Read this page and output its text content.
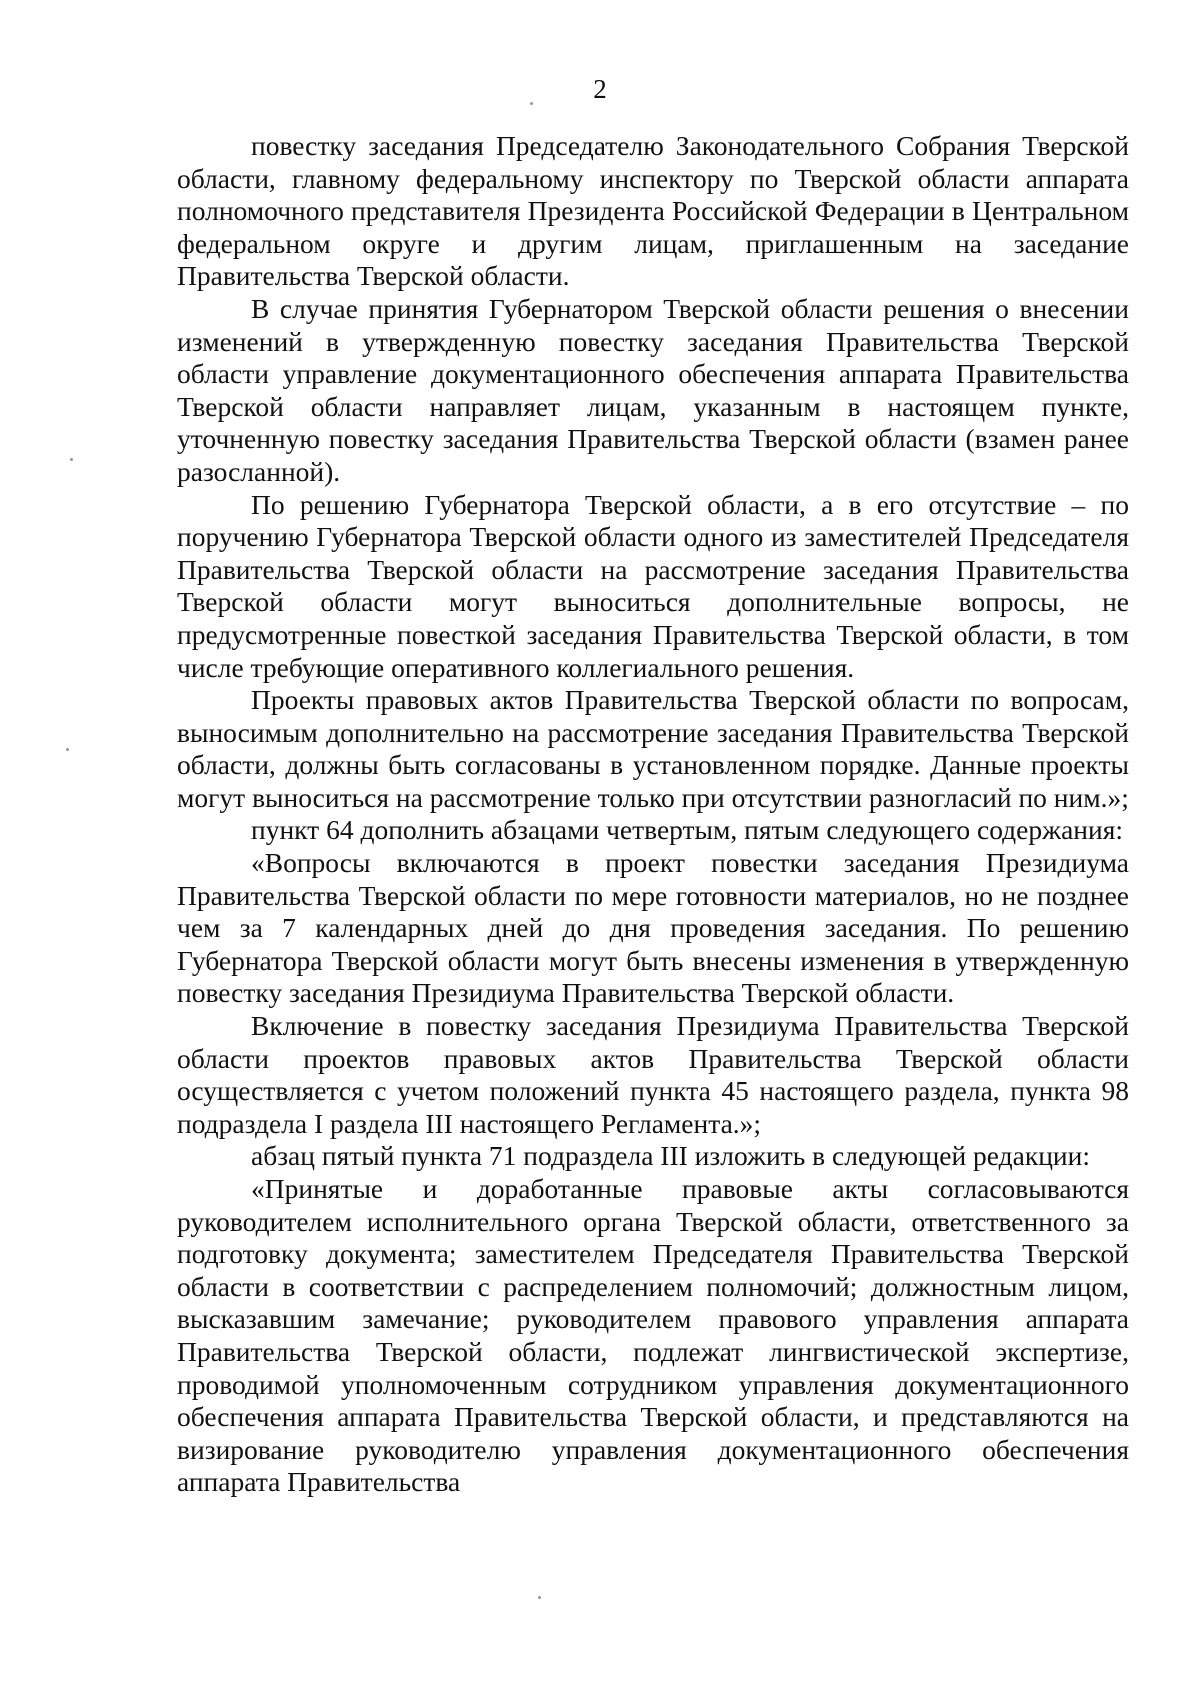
2

повестку заседания Председателю Законодательного Собрания Тверской области, главному федеральному инспектору по Тверской области аппарата полномочного представителя Президента Российской Федерации в Центральном федеральном округе и другим лицам, приглашенным на заседание Правительства Тверской области.

В случае принятия Губернатором Тверской области решения о внесении изменений в утвержденную повестку заседания Правительства Тверской области управление документационного обеспечения аппарата Правительства Тверской области направляет лицам, указанным в настоящем пункте, уточненную повестку заседания Правительства Тверской области (взамен ранее разосланной).

По решению Губернатора Тверской области, а в его отсутствие – по поручению Губернатора Тверской области одного из заместителей Председателя Правительства Тверской области на рассмотрение заседания Правительства Тверской области могут выноситься дополнительные вопросы, не предусмотренные повесткой заседания Правительства Тверской области, в том числе требующие оперативного коллегиального решения.

Проекты правовых актов Правительства Тверской области по вопросам, выносимым дополнительно на рассмотрение заседания Правительства Тверской области, должны быть согласованы в установленном порядке. Данные проекты могут выноситься на рассмотрение только при отсутствии разногласий по ним.»;

пункт 64 дополнить абзацами четвертым, пятым следующего содержания:

«Вопросы включаются в проект повестки заседания Президиума Правительства Тверской области по мере готовности материалов, но не позднее чем за 7 календарных дней до дня проведения заседания. По решению Губернатора Тверской области могут быть внесены изменения в утвержденную повестку заседания Президиума Правительства Тверской области.

Включение в повестку заседания Президиума Правительства Тверской области проектов правовых актов Правительства Тверской области осуществляется с учетом положений пункта 45 настоящего раздела, пункта 98 подраздела I раздела III настоящего Регламента.»;

абзац пятый пункта 71 подраздела III изложить в следующей редакции:

«Принятые и доработанные правовые акты согласовываются руководителем исполнительного органа Тверской области, ответственного за подготовку документа; заместителем Председателя Правительства Тверской области в соответствии с распределением полномочий; должностным лицом, высказавшим замечание; руководителем правового управления аппарата Правительства Тверской области, подлежат лингвистической экспертизе, проводимой уполномоченным сотрудником управления документационного обеспечения аппарата Правительства Тверской области, и представляются на визирование руководителю управления документационного обеспечения аппарата Правительства
